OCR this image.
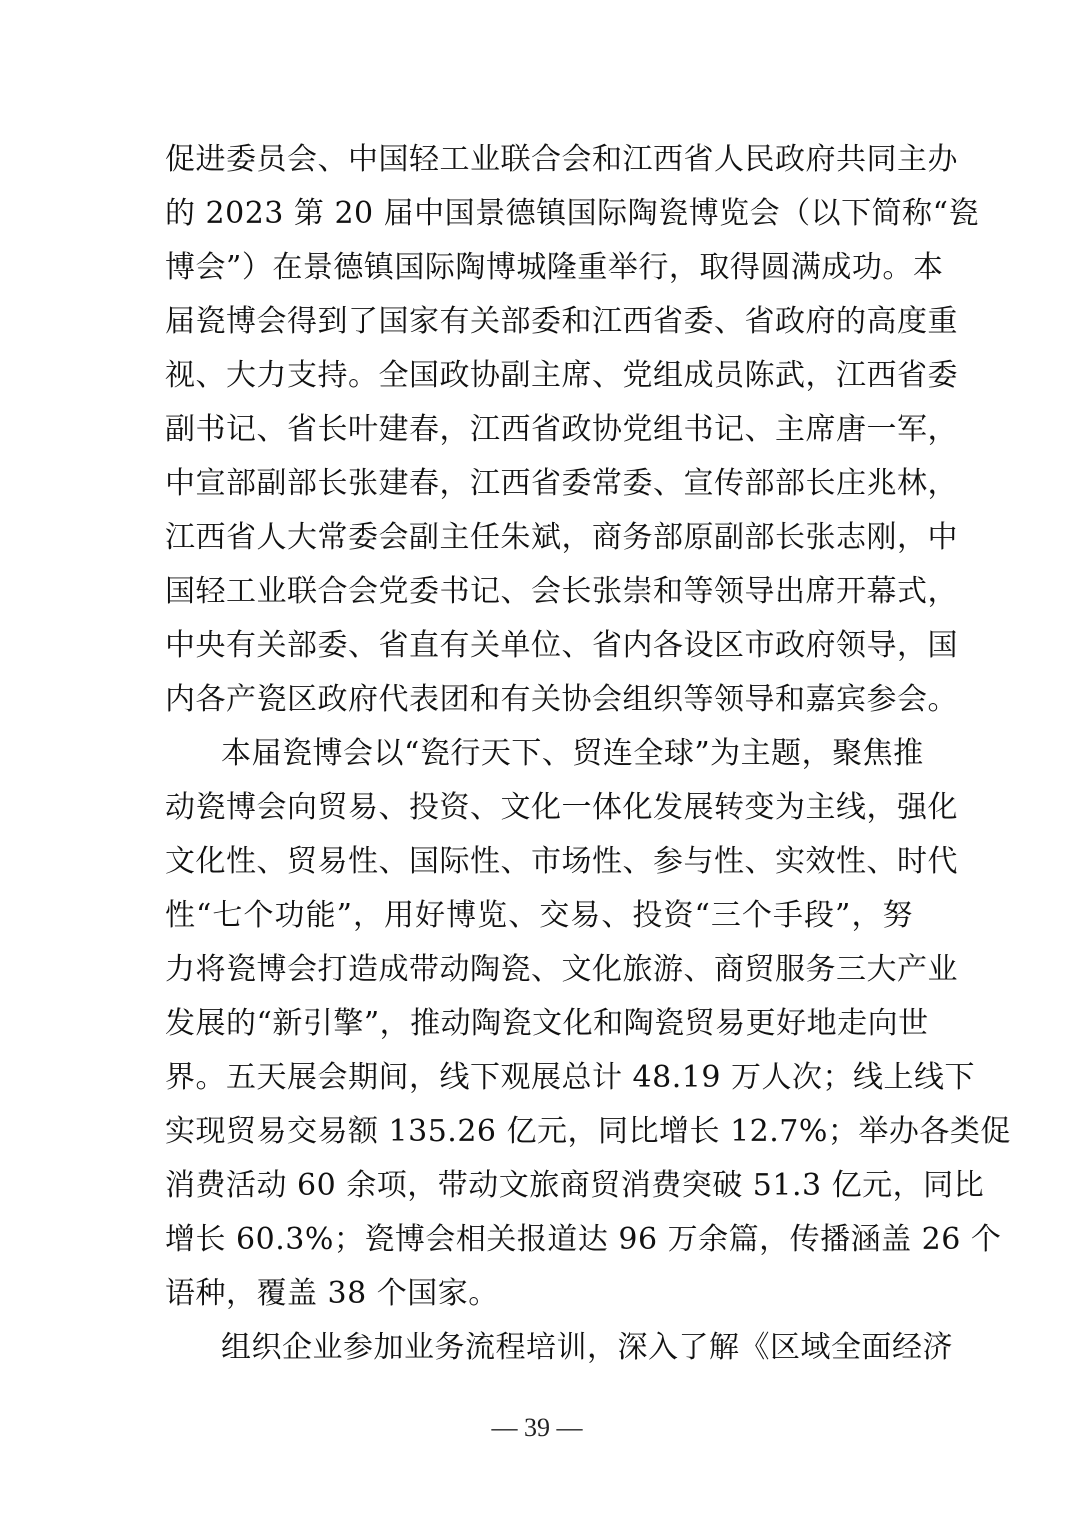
促进委员会、中国轻工业联合会和江西省人民政府共同主办
的 2023 第 20 届中国景德镇国际陶瓷博览会（以下简称“瓷
博会”）在景德镇国际陶博城隆重举行，取得圆满成功。本
届瓷博会得到了国家有关部委和江西省委、省政府的高度重
视、大力支持。全国政协副主席、党组成员陈武，江西省委
副书记、省长叶建春，江西省政协党组书记、主席唐一军，
中宣部副部长张建春，江西省委常委、宣传部部长庄兆林，
江西省人大常委会副主任朱斌，商务部原副部长张志刚，中
国轻工业联合会党委书记、会长张崇和等领导出席开幕式，
中央有关部委、省直有关单位、省内各设区市政府领导，国
内各产瓷区政府代表团和有关协会组织等领导和嘉宾参会。
本届瓷博会以“瓷行天下、贸连全球”为主题，聚焦推
动瓷博会向贸易、投资、文化一体化发展转变为主线，强化
文化性、贸易性、国际性、市场性、参与性、实效性、时代
性“七个功能”，用好博览、交易、投资“三个手段”，努
力将瓷博会打造成带动陶瓷、文化旅游、商贸服务三大产业
发展的“新引擎”，推动陶瓷文化和陶瓷贸易更好地走向世
界。五天展会期间，线下观展总计 48.19 万人次；线上线下
实现贸易交易额 135.26 亿元，同比增长 12.7%；举办各类促
消费活动 60 余项，带动文旅商贸消费突破 51.3 亿元，同比
增长 60.3%；瓷博会相关报道达 96 万余篇，传播涵盖 26 个
语种，覆盖 38 个国家。
组织企业参加业务流程培训，深入了解《区域全面经济
— 39 —
